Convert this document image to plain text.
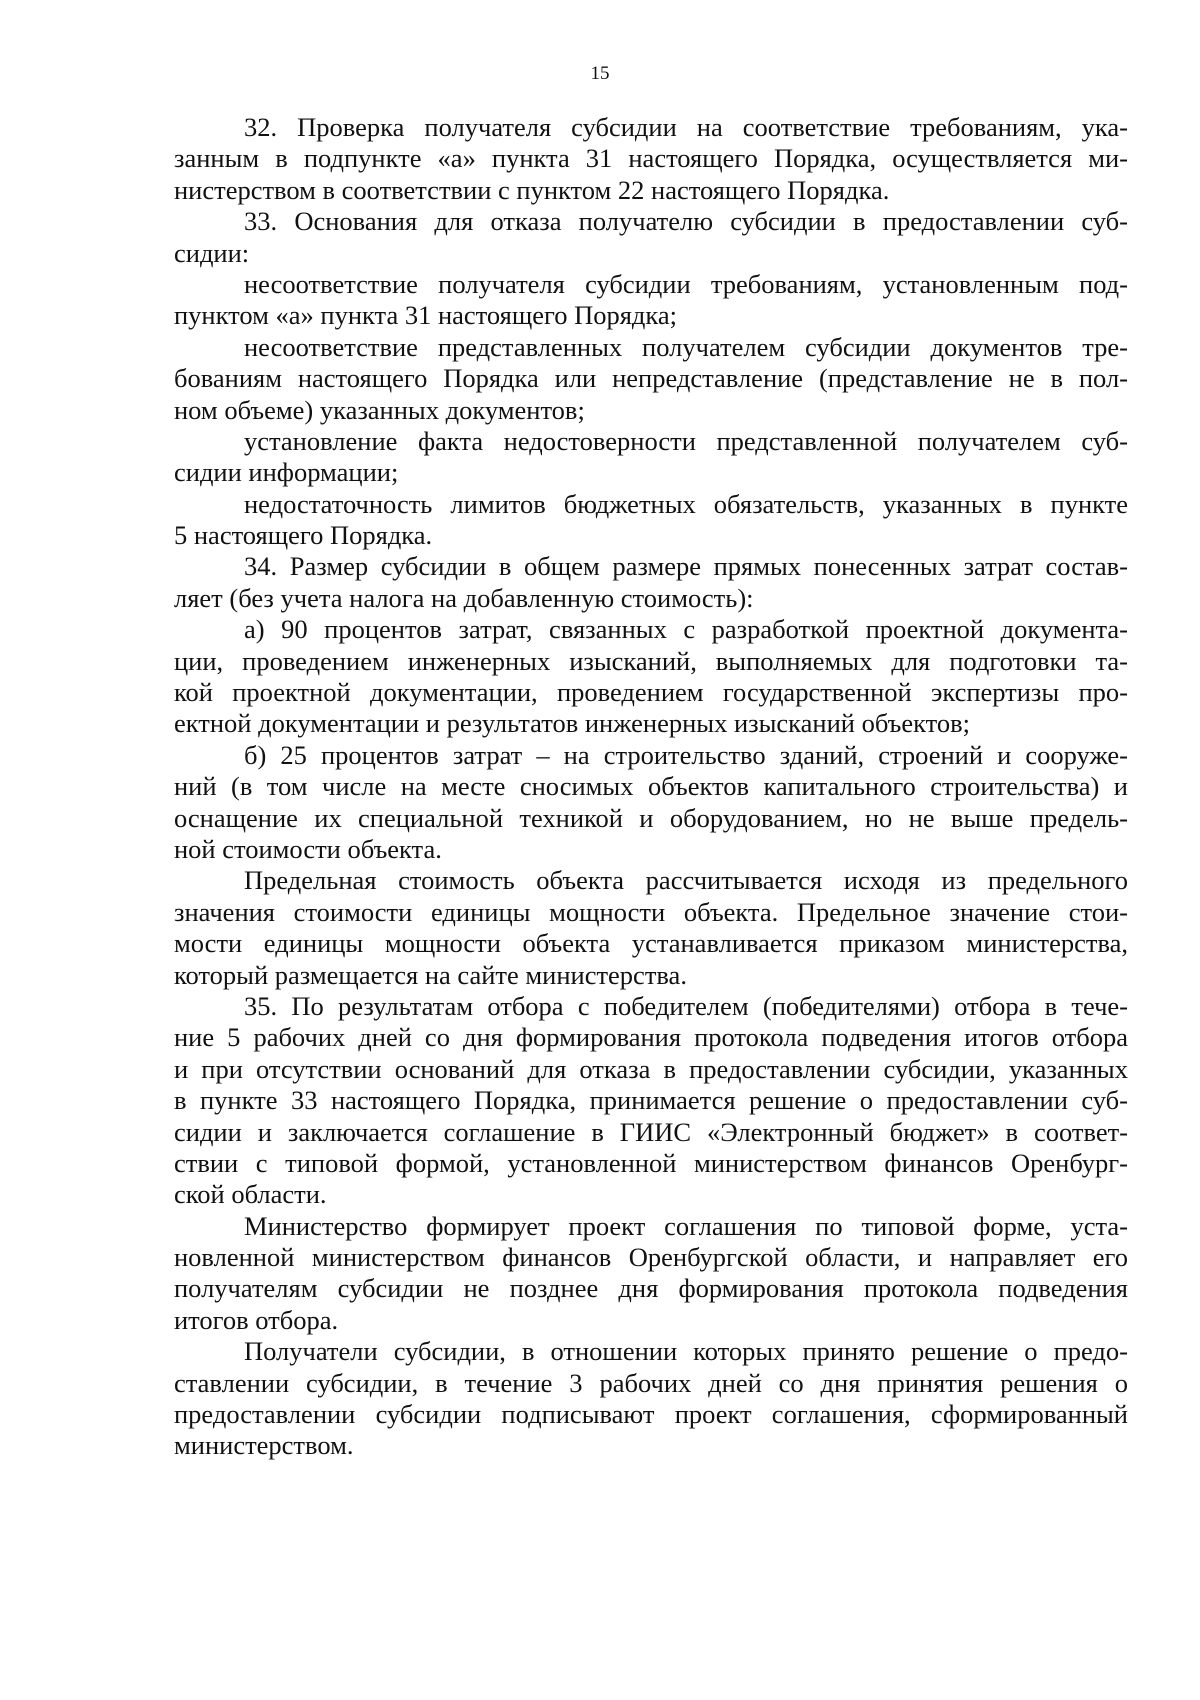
15
32. Проверка получателя субсидии на соответствие требованиям, ука-
занным в подпункте «а» пункта 31 настоящего Порядка, осуществляется ми-
нистерством в соответствии с пунктом 22 настоящего Порядка.
33. Основания для отказа получателю субсидии в предоставлении суб-
сидии:
несоответствие получателя субсидии требованиям, установленным под-
пунктом «а» пункта 31 настоящего Порядка;
несоответствие представленных получателем субсидии документов тре-
бованиям настоящего Порядка или непредставление (представление не в пол-
ном объеме) указанных документов;
установление факта недостоверности представленной получателем суб-
сидии информации;
недостаточность лимитов бюджетных обязательств, указанных в пункте
5 настоящего Порядка.
34. Размер субсидии в общем размере прямых понесенных затрат состав-
ляет (без учета налога на добавленную стоимость):
а) 90 процентов затрат, связанных с разработкой проектной документа-
ции, проведением инженерных изысканий, выполняемых для подготовки та-
кой проектной документации, проведением государственной экспертизы про-
ектной документации и результатов инженерных изысканий объектов;
б) 25 процентов затрат – на строительство зданий, строений и сооруже-
ний (в том числе на месте сносимых объектов капитального строительства) и
оснащение их специальной техникой и оборудованием, но не выше предель-
ной стоимости объекта.
Предельная стоимость объекта рассчитывается исходя из предельного
значения стоимости единицы мощности объекта. Предельное значение стои-
мости единицы мощности объекта устанавливается приказом министерства,
который размещается на сайте министерства.
35. По результатам отбора с победителем (победителями) отбора в тече-
ние 5 рабочих дней со дня формирования протокола подведения итогов отбора
и при отсутствии оснований для отказа в предоставлении субсидии, указанных
в пункте 33 настоящего Порядка, принимается решение о предоставлении суб-
сидии и заключается соглашение в ГИИС «Электронный бюджет» в соответ-
ствии с типовой формой, установленной министерством финансов Оренбург-
ской области.
Министерство формирует проект соглашения по типовой форме, уста-
новленной министерством финансов Оренбургской области, и направляет его
получателям субсидии не позднее дня формирования протокола подведения
итогов отбора.
Получатели субсидии, в отношении которых принято решение о предо-
ставлении субсидии, в течение 3 рабочих дней со дня принятия решения о
предоставлении субсидии подписывают проект соглашения, сформированный
министерством.
